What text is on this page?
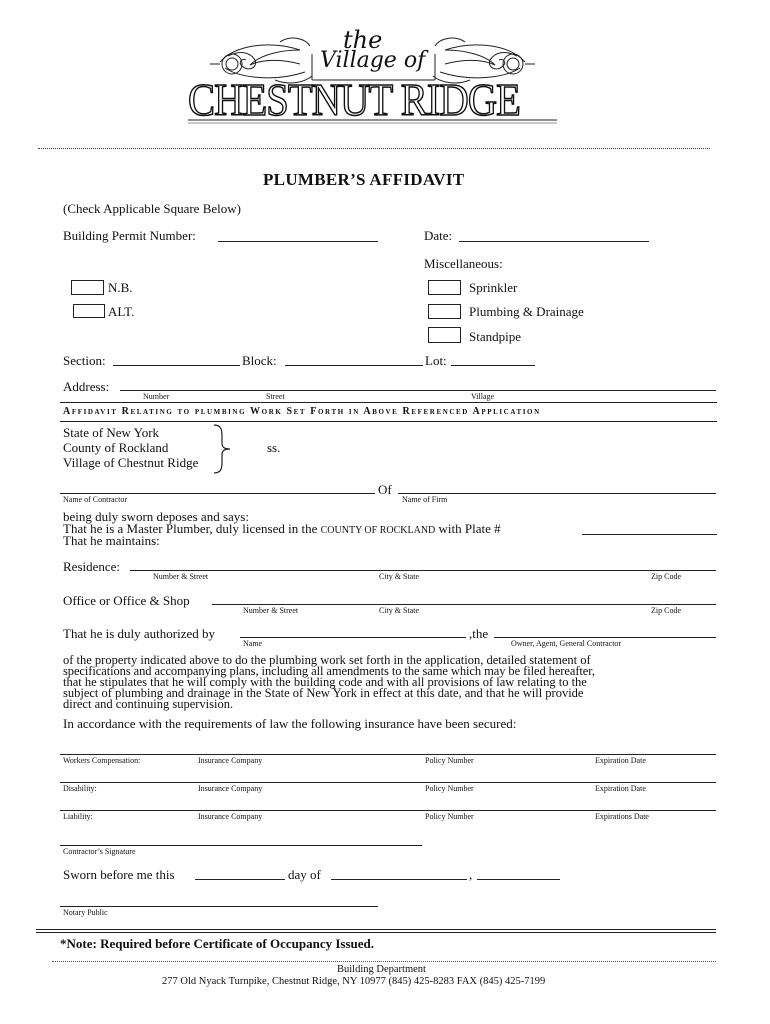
the
Village of
CHESTNUT RIDGE
PLUMBER’S AFFIDAVIT
(Check Applicable Square Below)
Building Permit Number:	Date:
Miscellaneous:
N.B.
ALT.
Sprinkler
Plumbing & Drainage
Standpipe
Section:	Block:	Lot:
Address:
Number	Street	Village
Affidavit Relating to plumbing Work Set Forth in Above Referenced Application
State of New York
County of Rockland
Village of Chestnut Ridge
ss.
Of
Name of Contractor	Name of Firm
being duly sworn deposes and says:
That he is a Master Plumber, duly licensed in the COUNTY OF ROCKLAND with Plate #
That he maintains:
Residence:
Number & Street	City & State	Zip Code
Office or Office & Shop
Number & Street	City & State	Zip Code
That he is duly authorized by	,the
Name	Owner, Agent, General Contractor
of the property indicated above to do the plumbing work set forth in the application, detailed statement of
specifications and accompanying plans, including all amendments to the same which may be filed hereafter,
that he stipulates that he will comply with the building code and with all provisions of law relating to the
subject of plumbing and drainage in the State of New York in effect at this date, and that he will provide
direct and continuing supervision.
In accordance with the requirements of law the following insurance have been secured:
Workers Compensation:	Insurance Company	Policy Number	Expiration Date
Disability:	Insurance Company	Policy Number	Expiration Date
Liability:	Insurance Company	Policy Number	Expirations Date
Contractor’s Signature
Sworn before me this	day of	,
Notary Public
*Note: Required before Certificate of Occupancy Issued.
Building Department
277 Old Nyack Turnpike, Chestnut Ridge, NY 10977 (845) 425-8283 FAX (845) 425-7199
